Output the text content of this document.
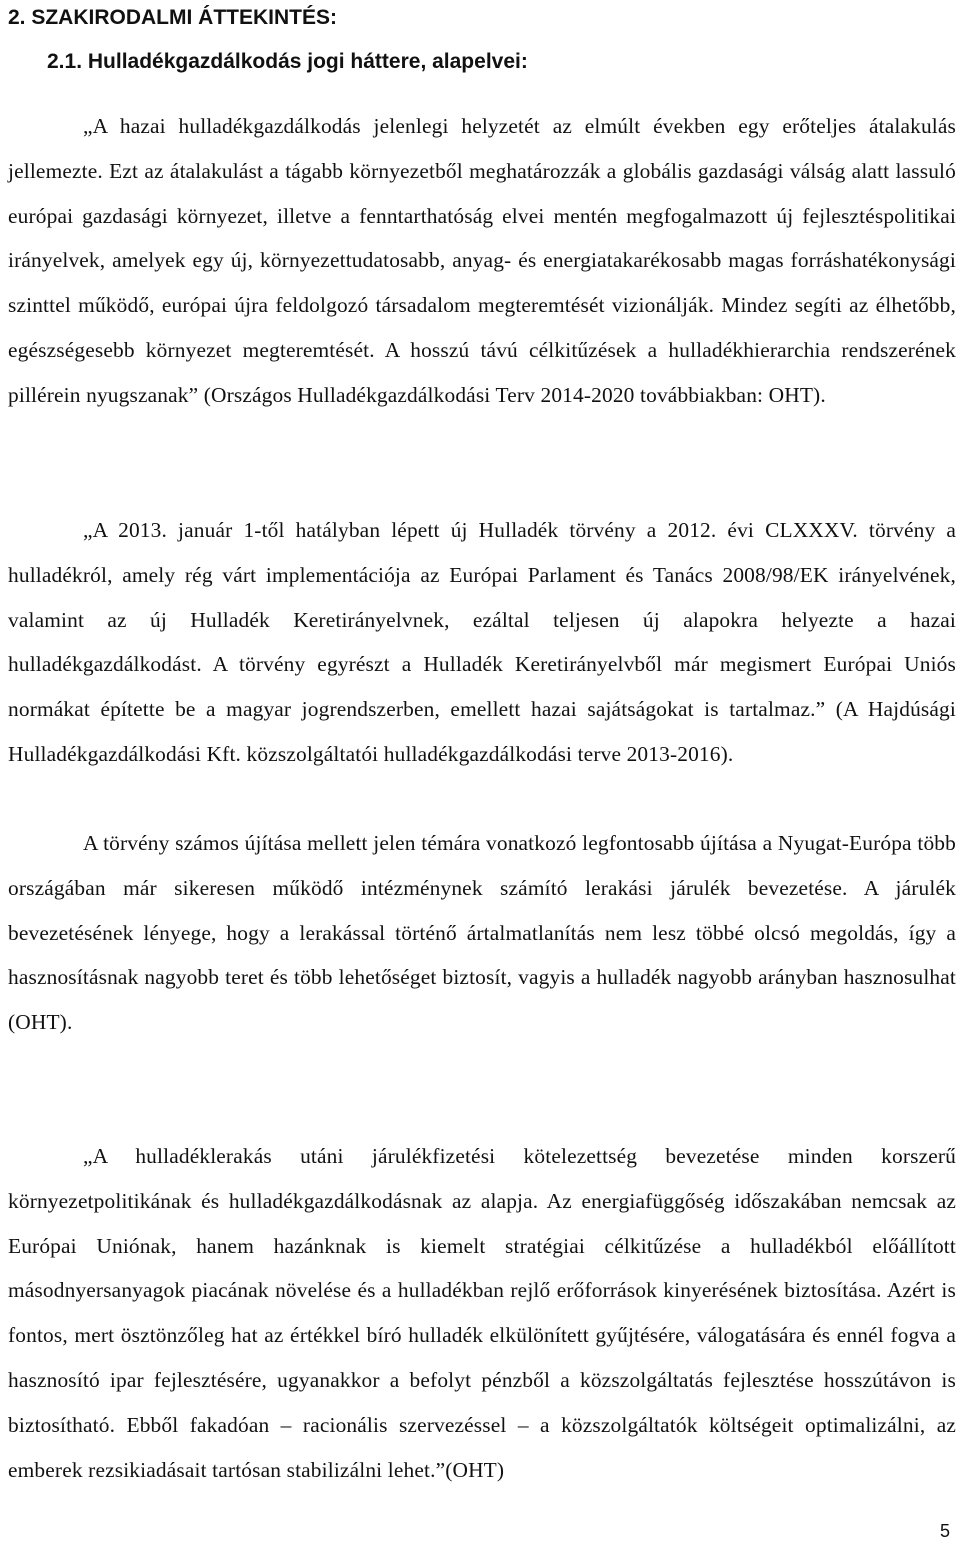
2. SZAKIRODALMI ÁTTEKINTÉS:
2.1. Hulladékgazdálkodás jogi háttere, alapelvei:

„A hazai hulladékgazdálkodás jelenlegi helyzetét az elmúlt években egy erőteljes átalakulás jellemezte. Ezt az átalakulást a tágabb környezetből meghatározzák a globális gazdasági válság alatt lassuló európai gazdasági környezet, illetve a fenntarthatóság elvei mentén megfogalmazott új fejlesztéspolitikai irányelvek, amelyek egy új, környezettudatosabb, anyag- és energiatakarékosabb magas forráshatékonysági szinttel működő, európai újra feldolgozó társadalom megteremtését vizionálják. Mindez segíti az élhetőbb, egészségesebb környezet megteremtését. A hosszú távú célkitűzések a hulladékhierarchia rendszerének pillérein nyugszanak” (Országos Hulladékgazdálkodási Terv 2014-2020 továbbiakban: OHT).

„A 2013. január 1-től hatályban lépett új Hulladék törvény a 2012. évi CLXXXV. törvény a hulladékról, amely rég várt implementációja az Európai Parlament és Tanács 2008/98/EK irányelvének, valamint az új Hulladék Keretirányelvnek, ezáltal teljesen új alapokra helyezte a hazai hulladékgazdálkodást. A törvény egyrészt a Hulladék Keretirányelvből már megismert Európai Uniós normákat építette be a magyar jogrendszerben, emellett hazai sajátságokat is tartalmaz.” (A Hajdúsági Hulladékgazdálkodási Kft. közszolgáltatói hulladékgazdálkodási terve 2013-2016).

A törvény számos újítása mellett jelen témára vonatkozó legfontosabb újítása a Nyugat-Európa több országában már sikeresen működő intézménynek számító lerakási járulék bevezetése. A járulék bevezetésének lényege, hogy a lerakással történő ártalmatlanítás nem lesz többé olcsó megoldás, így a hasznosításnak nagyobb teret és több lehetőséget biztosít, vagyis a hulladék nagyobb arányban hasznosulhat (OHT).

„A hulladéklerakás utáni járulékfizetési kötelezettség bevezetése minden korszerű környezetpolitikának és hulladékgazdálkodásnak az alapja. Az energiafüggőség időszakában nemcsak az Európai Uniónak, hanem hazánknak is kiemelt stratégiai célkitűzése a hulladékból előállított másodnyersanyagok piacának növelése és a hulladékban rejlő erőforrások kinyerésének biztosítása. Azért is fontos, mert ösztönzőleg hat az értékkel bíró hulladék elkülönített gyűjtésére, válogatására és ennél fogva a hasznosító ipar fejlesztésére, ugyanakkor a befolyt pénzből a közszolgáltatás fejlesztése hosszútávon is biztosítható. Ebből fakadóan – racionális szervezéssel – a közszolgáltatók költségeit optimalizálni, az emberek rezsikiadásait tartósan stabilizálni lehet.”(OHT)

5
